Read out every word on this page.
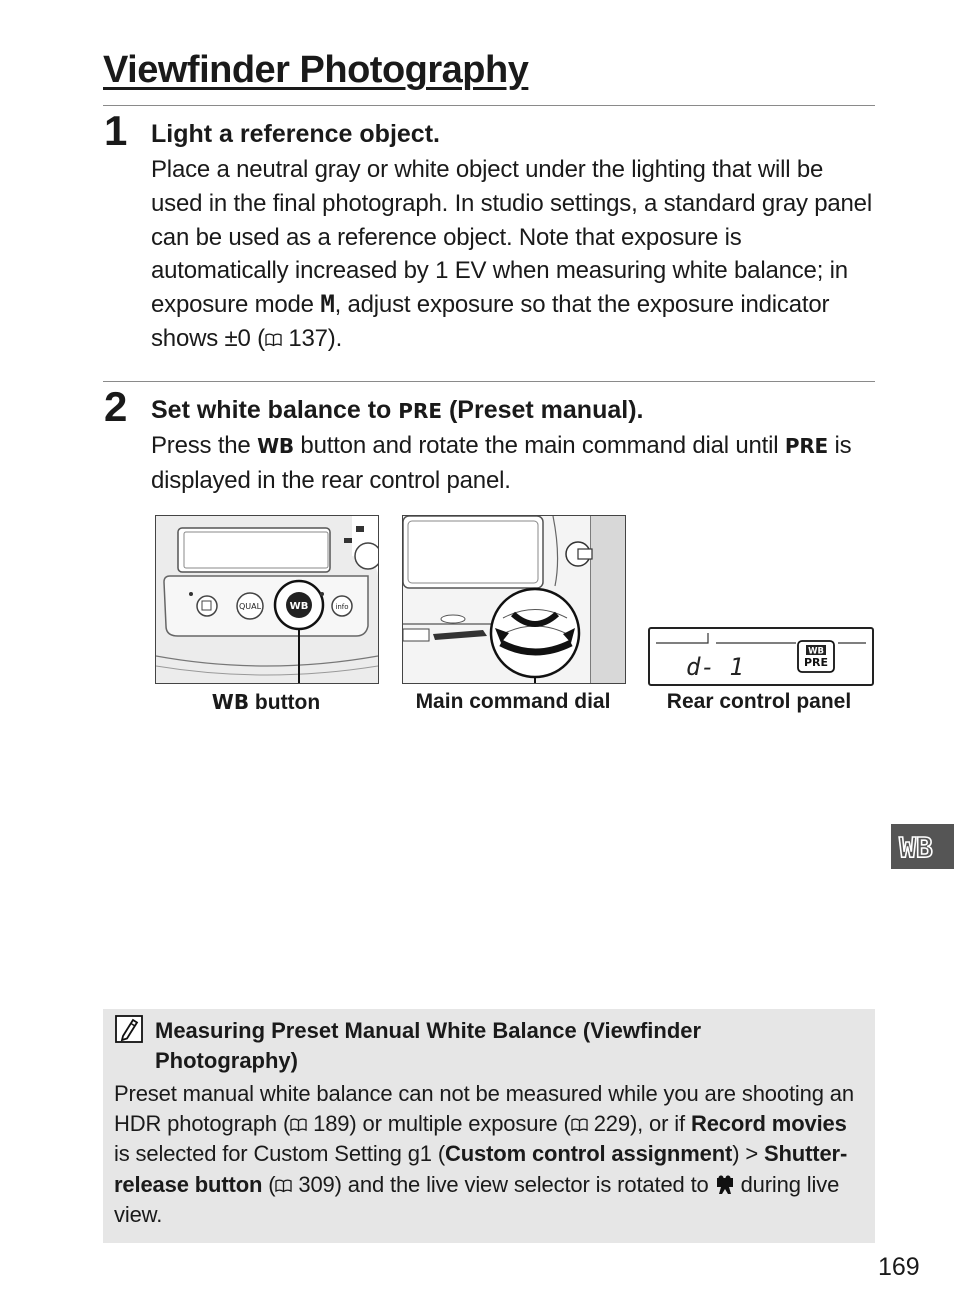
Viewfinder Photography
1 Light a reference object.

Place a neutral gray or white object under the lighting that will be used in the final photograph. In studio settings, a standard gray panel can be used as a reference object. Note that exposure is automatically increased by 1 EV when measuring white balance; in exposure mode M, adjust exposure so that the exposure indicator shows ±0 ( 137).

2 Set white balance to PRE (Preset manual).

Press the WB button and rotate the main command dial until PRE is displayed in the rear control panel.

QUAL	WB	info
d- 1
WB
PRE
WB button	Main command dial	Rear control panel
WB
Measuring Preset Manual White Balance (Viewfinder Photography)

Preset manual white balance can not be measured while you are shooting an HDR photograph ( 189) or multiple exposure ( 229), or if Record movies is selected for Custom Setting g1 (Custom control assignment) > Shutter-release button ( 309) and the live view selector is rotated to  during live view.

169
